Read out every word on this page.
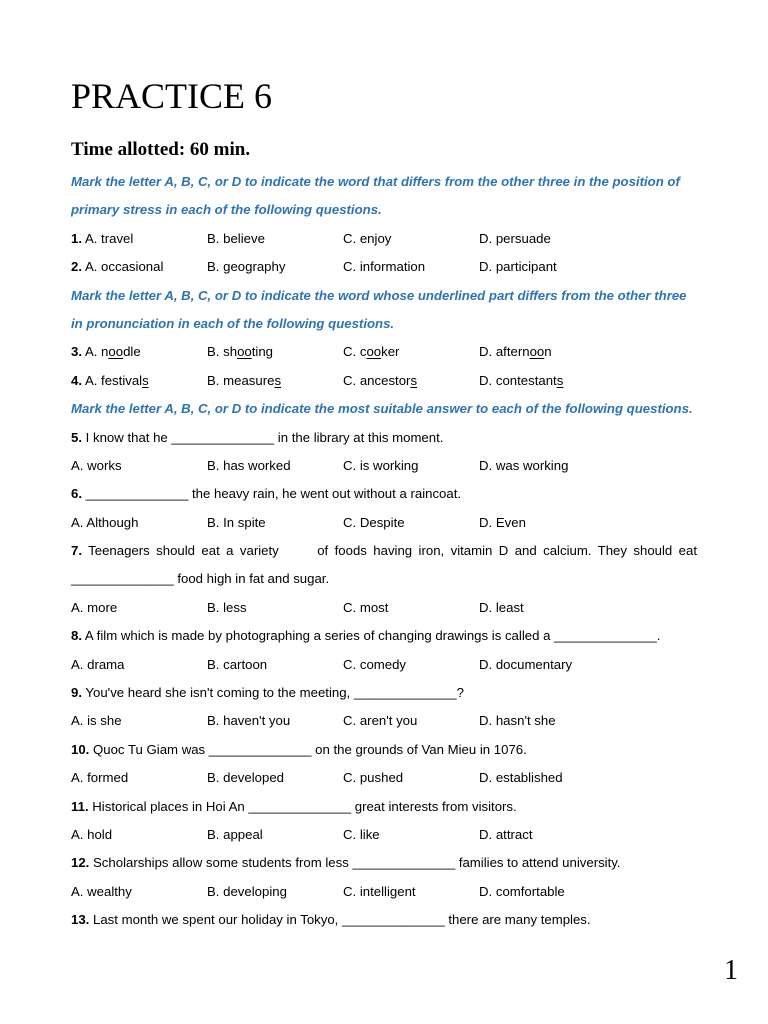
PRACTICE 6
Time allotted: 60 min.
Mark the letter A, B, C, or D to indicate the word that differs from the other three in the position of
primary stress in each of the following questions.
1. A. travel	B. believe	C. enjoy	D. persuade
2. A. occasional	B. geography	C. information	D. participant
Mark the letter A, B, C, or D to indicate the word whose underlined part differs from the other three
in pronunciation in each of the following questions.
3. A. noodle	B. shooting	C. cooker	D. afternoon
4. A. festivals	B. measures	C. ancestors	D. contestants
Mark the letter A, B, C, or D to indicate the most suitable answer to each of the following questions.
5. I know that he ______________ in the library at this moment.
A. works	B. has worked	C. is working	D. was working
6. ______________ the heavy rain, he went out without a raincoat.
A. Although	B. In spite	C. Despite	D. Even
7. Teenagers should eat a variety      of foods having iron, vitamin D and calcium. They should eat
______________ food high in fat and sugar.
A. more	B. less	C. most	D. least
8. A film which is made by photographing a series of changing drawings is called a ______________.
A. drama	B. cartoon	C. comedy	D. documentary
9. You've heard she isn't coming to the meeting, ______________?
A. is she	B. haven't you	C. aren't you	D. hasn't she
10. Quoc Tu Giam was ______________ on the grounds of Van Mieu in 1076.
A. formed	B. developed	C. pushed	D. established
11. Historical places in Hoi An ______________ great interests from visitors.
A. hold	B. appeal	C. like	D. attract
12. Scholarships allow some students from less ______________ families to attend university.
A. wealthy	B. developing	C. intelligent	D. comfortable
13. Last month we spent our holiday in Tokyo, ______________ there are many temples.
1
